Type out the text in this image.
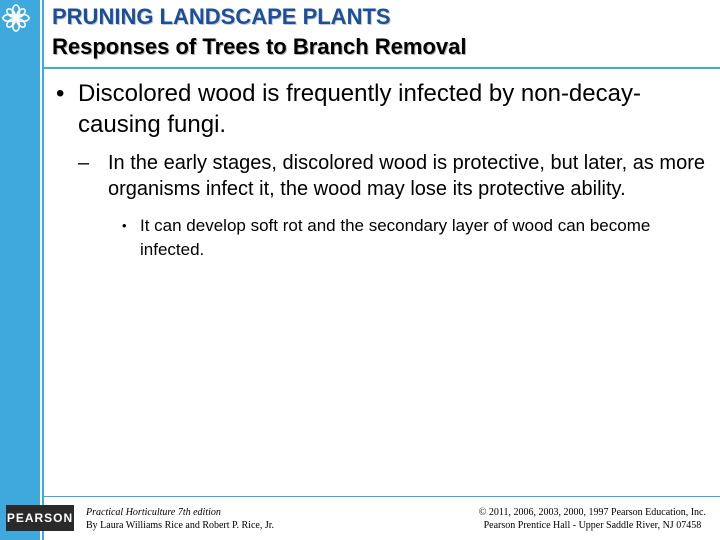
PRUNING LANDSCAPE PLANTS
Responses of Trees to Branch Removal
• Discolored wood is frequently infected by non-decay-causing fungi.
– In the early stages, discolored wood is protective, but later, as more organisms infect it, the wood may lose its protective ability.
• It can develop soft rot and the secondary layer of wood can become infected.
PEARSON Practical Horticulture 7th edition
By Laura Williams Rice and Robert P. Rice, Jr.
© 2011, 2006, 2003, 2000, 1997 Pearson Education, Inc.
Pearson Prentice Hall - Upper Saddle River, NJ 07458
